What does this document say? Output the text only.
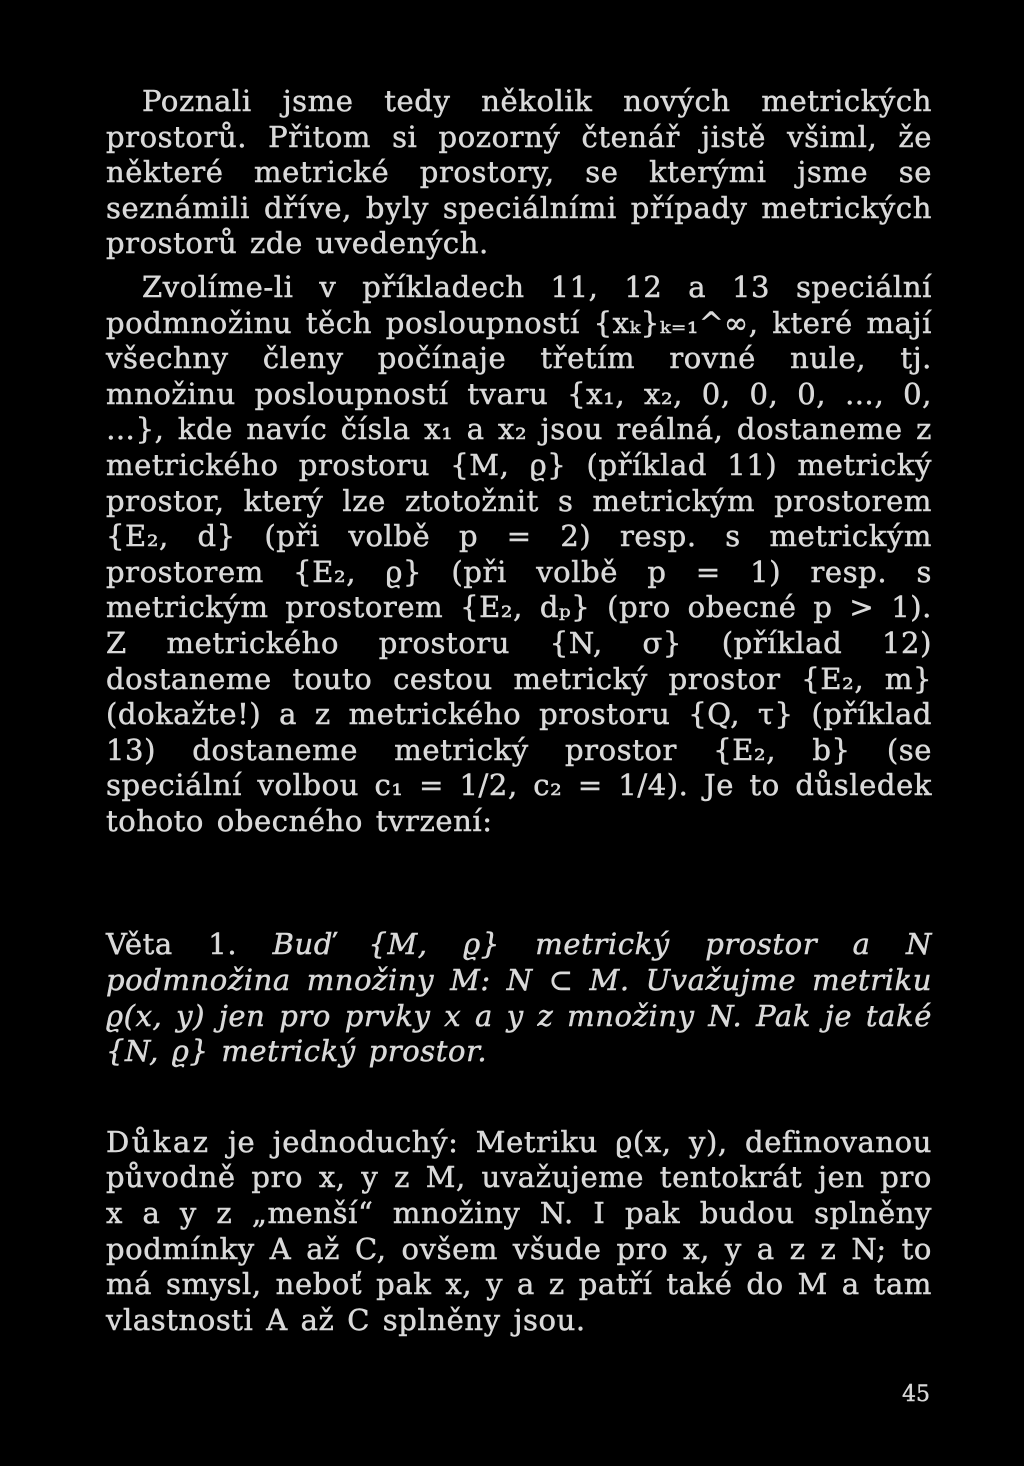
Poznali jsme tedy několik nových metrických prostorů. Přitom si pozorný čtenář jistě všiml, že některé metrické prostory, se kterými jsme se seznámili dříve, byly speciálními případy metrických prostorů zde uvedených.

Zvolíme-li v příkladech 11, 12 a 13 speciální podmnožinu těch posloupností {xₖ}ₖ₌₁^∞, které mají všechny členy počínaje třetím rovné nule, tj. množinu posloupností tvaru {x₁, x₂, 0, 0, 0, …, 0, …}, kde navíc čísla x₁ a x₂ jsou reálná, dostaneme z metrického prostoru {M, ϱ} (příklad 11) metrický prostor, který lze ztotožnit s metrickým prostorem {E₂, d} (při volbě p = 2) resp. s metrickým prostorem {E₂, ϱ} (při volbě p = 1) resp. s metrickým prostorem {E₂, dₚ} (pro obecné p > 1). Z metrického prostoru {N, σ} (příklad 12) dostaneme touto cestou metrický prostor {E₂, m} (dokažte!) a z metrického prostoru {Q, τ} (příklad 13) dostaneme metrický prostor {E₂, b} (se speciální volbou c₁ = 1/2, c₂ = 1/4). Je to důsledek tohoto obecného tvrzení:

Věta 1. Buď {M, ϱ} metrický prostor a N podmnožina množiny M: N ⊂ M. Uvažujme metriku ϱ(x, y) jen pro prvky x a y z množiny N. Pak je také {N, ϱ} metrický prostor.

Důkaz je jednoduchý: Metriku ϱ(x, y), definovanou původně pro x, y z M, uvažujeme tentokrát jen pro x a y z „menší“ množiny N. I pak budou splněny podmínky A až C, ovšem všude pro x, y a z z N; to má smysl, neboť pak x, y a z patří také do M a tam vlastnosti A až C splněny jsou.

45
